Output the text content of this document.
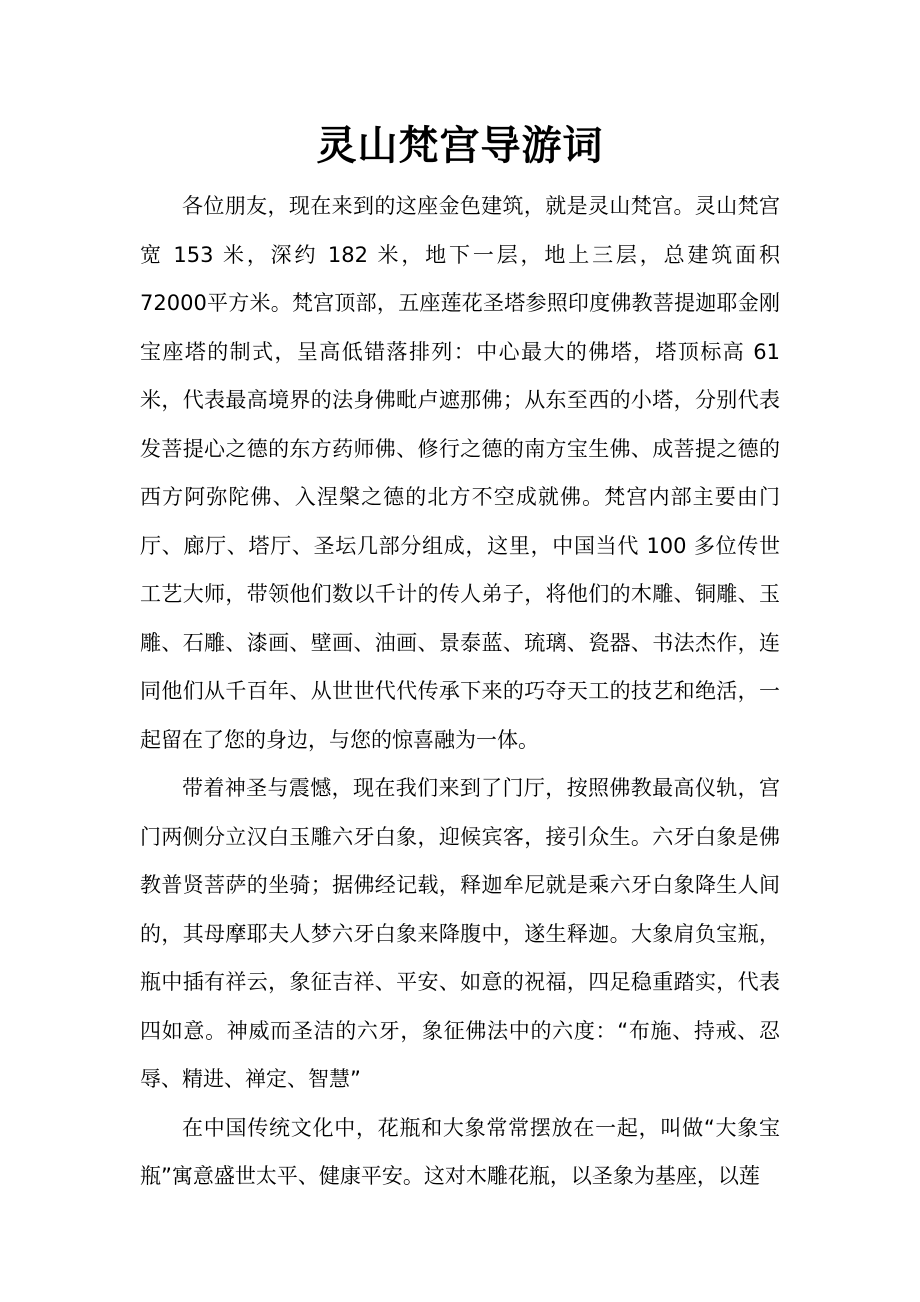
灵山梵宫导游词

各位朋友，现在来到的这座金色建筑，就是灵山梵宫。灵山梵宫宽 153 米，深约 182 米，地下一层，地上三层，总建筑面积 72000平方米。梵宫顶部，五座莲花圣塔参照印度佛教菩提迦耶金刚宝座塔的制式，呈高低错落排列：中心最大的佛塔，塔顶标高 61 米，代表最高境界的法身佛毗卢遮那佛；从东至西的小塔，分别代表发菩提心之德的东方药师佛、修行之德的南方宝生佛、成菩提之德的西方阿弥陀佛、入涅槃之德的北方不空成就佛。梵宫内部主要由门厅、廊厅、塔厅、圣坛几部分组成，这里，中国当代 100 多位传世工艺大师，带领他们数以千计的传人弟子，将他们的木雕、铜雕、玉雕、石雕、漆画、壁画、油画、景泰蓝、琉璃、瓷器、书法杰作，连同他们从千百年、从世世代代传承下来的巧夺天工的技艺和绝活，一起留在了您的身边，与您的惊喜融为一体。

带着神圣与震憾，现在我们来到了门厅，按照佛教最高仪轨，宫门两侧分立汉白玉雕六牙白象，迎候宾客，接引众生。六牙白象是佛教普贤菩萨的坐骑；据佛经记载，释迦牟尼就是乘六牙白象降生人间的，其母摩耶夫人梦六牙白象来降腹中，遂生释迦。大象肩负宝瓶，瓶中插有祥云，象征吉祥、平安、如意的祝福，四足稳重踏实，代表四如意。神威而圣洁的六牙，象征佛法中的六度：“布施、持戒、忍辱、精进、禅定、智慧”

在中国传统文化中，花瓶和大象常常摆放在一起，叫做“大象宝瓶”寓意盛世太平、健康平安。这对木雕花瓶，以圣象为基座，以莲
